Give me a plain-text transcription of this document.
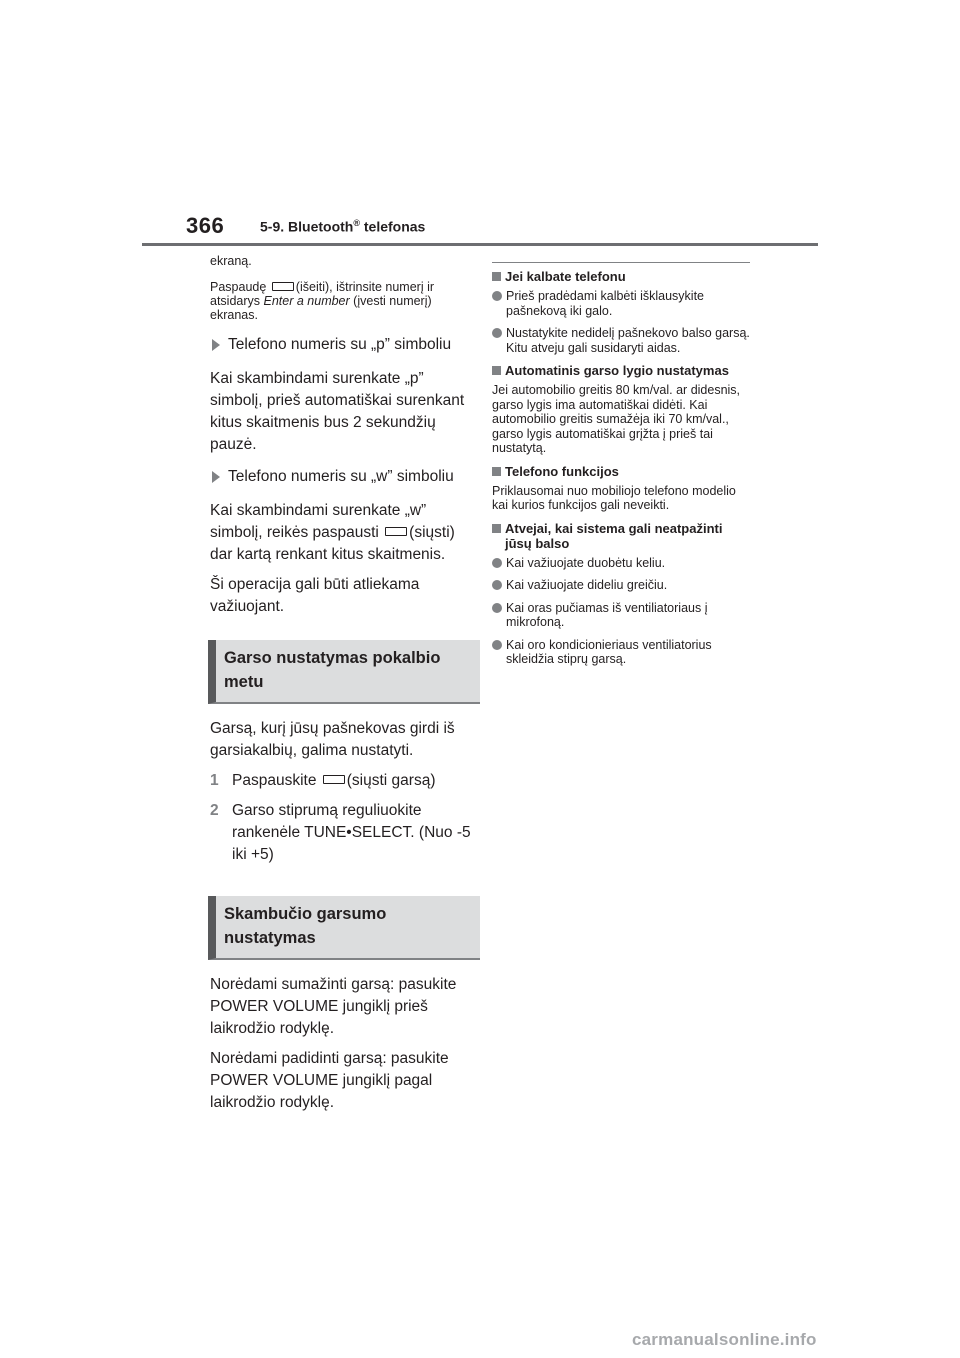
366	5-9. Bluetooth® telefonas

ekraną.

Paspaudę (išeiti), ištrinsite numerį ir atsidarys Enter a number (įvesti numerį) ekranas.

Telefono numeris su „p” simboliu

Kai skambindami surenkate „p” simbolį, prieš automatiškai surenkant kitus skaitmenis bus 2 sekundžių pauzė.

Telefono numeris su „w” simboliu

Kai skambindami surenkate „w” simbolį, reikės paspausti (siųsti) dar kartą renkant kitus skaitmenis.

Ši operacija gali būti atliekama važiuojant.

Garso nustatymas pokalbio metu

Garsą, kurį jūsų pašnekovas girdi iš garsiakalbių, galima nustatyti.

1 Paspauskite (siųsti garsą)
2 Garso stiprumą reguliuokite rankenėle TUNE•SELECT. (Nuo -5 iki +5)
Skambučio garsumo nustatymas

Norėdami sumažinti garsą: pasukite POWER VOLUME jungiklį prieš laikrodžio rodyklę.

Norėdami padidinti garsą: pasukite POWER VOLUME jungiklį pagal laikrodžio rodyklę.

Jei kalbate telefonu
Prieš pradėdami kalbėti išklausykite pašnekovą iki galo.
Nustatykite nedidelį pašnekovo balso garsą. Kitu atveju gali susidaryti aidas.
Automatinis garso lygio nustatymas

Jei automobilio greitis 80 km/val. ar didesnis, garso lygis ima automatiškai didėti. Kai automobilio greitis sumažėja iki 70 km/val., garso lygis automatiškai grįžta į prieš tai nustatytą.

Telefono funkcijos

Priklausomai nuo mobiliojo telefono modelio kai kurios funkcijos gali neveikti.

Atvejai, kai sistema gali neatpažinti jūsų balso
Kai važiuojate duobėtu keliu.
Kai važiuojate dideliu greičiu.
Kai oras pučiamas iš ventiliatoriaus į mikrofoną.
Kai oro kondicionieriaus ventiliatorius skleidžia stiprų garsą.
carmanualsonline.info
